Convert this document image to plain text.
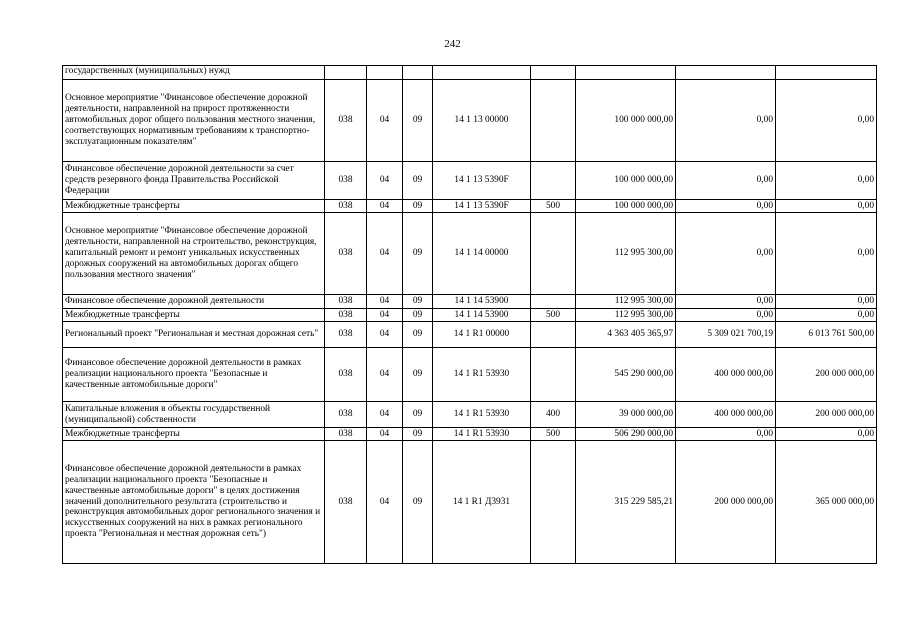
242
государственных (муниципальных) нужд								
Основное мероприятие "Финансовое обеспечение дорожной деятельности, направленной на прирост протяженности автомобильных дорог общего пользования местного значения, соответствующих нормативным требованиям к транспортно-эксплуатационным показателям"	038	04	09	14 1 13 00000		100 000 000,00	0,00	0,00
Финансовое обеспечение дорожной деятельности за счет средств резервного фонда Правительства Российской Федерации	038	04	09	14 1 13 5390F		100 000 000,00	0,00	0,00
Межбюджетные трансферты	038	04	09	14 1 13 5390F	500	100 000 000,00	0,00	0,00
Основное мероприятие "Финансовое обеспечение дорожной деятельности, направленной на строительство, реконструкция, капитальный ремонт и ремонт уникальных искусственных дорожных сооружений на автомобильных дорогах общего пользования местного значения"	038	04	09	14 1 14 00000		112 995 300,00	0,00	0,00
Финансовое обеспечение дорожной деятельности	038	04	09	14 1 14 53900		112 995 300,00	0,00	0,00
Межбюджетные трансферты	038	04	09	14 1 14 53900	500	112 995 300,00	0,00	0,00
Региональный проект "Региональная и местная дорожная сеть"	038	04	09	14 1 R1 00000		4 363 405 365,97	5 309 021 700,19	6 013 761 500,00
Финансовое обеспечение дорожной деятельности в рамках реализации национального проекта "Безопасные и качественные автомобильные дороги"	038	04	09	14 1 R1 53930		545 290 000,00	400 000 000,00	200 000 000,00
Капитальные вложения в объекты государственной (муниципальной) собственности	038	04	09	14 1 R1 53930	400	39 000 000,00	400 000 000,00	200 000 000,00
Межбюджетные трансферты	038	04	09	14 1 R1 53930	500	506 290 000,00	0,00	0,00
Финансовое обеспечение дорожной деятельности в рамках реализации национального проекта "Безопасные и качественные автомобильные дороги" в целях достижения значений дополнительного результата (строительство и реконструкция автомобильных дорог регионального значения и искусственных сооружений на них в рамках регионального проекта "Региональная и местная дорожная сеть")	038	04	09	14 1 R1 Д3931		315 229 585,21	200 000 000,00	365 000 000,00
